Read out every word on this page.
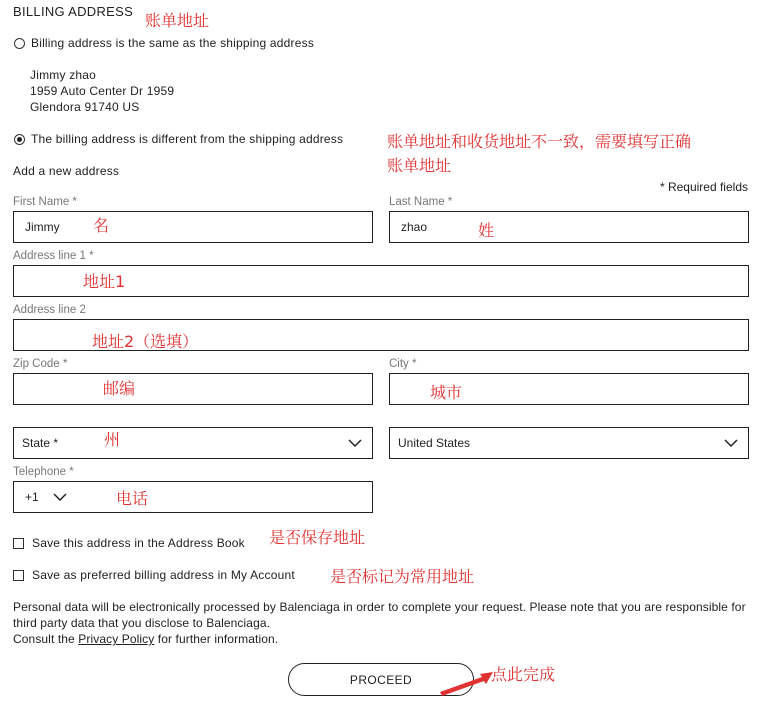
BILLING ADDRESS 账单地址
Billing address is the same as the shipping address
Jimmy zhao
1959 Auto Center Dr 1959
Glendora 91740 US
The billing address is different from the shipping address	账单地址和收货地址不一致，需要填写正确
账单地址
Add a new address
* Required fields
First Name *
Jimmy 名
Last Name *
zhao	姓
Address line 1 *
地址1
Address line 2
地址2（选填）
Zip Code *
邮编
City *
城市
State *	州	United States
Telephone *
+1	电话
Save this address in the Address Book 是否保存地址
Save as preferred billing address in My Account 是否标记为常用地址
Personal data will be electronically processed by Balenciaga in order to complete your request. Please note that you are responsible for third party data that you disclose to Balenciaga.
Consult the Privacy Policy for further information.
PROCEED	点此完成
